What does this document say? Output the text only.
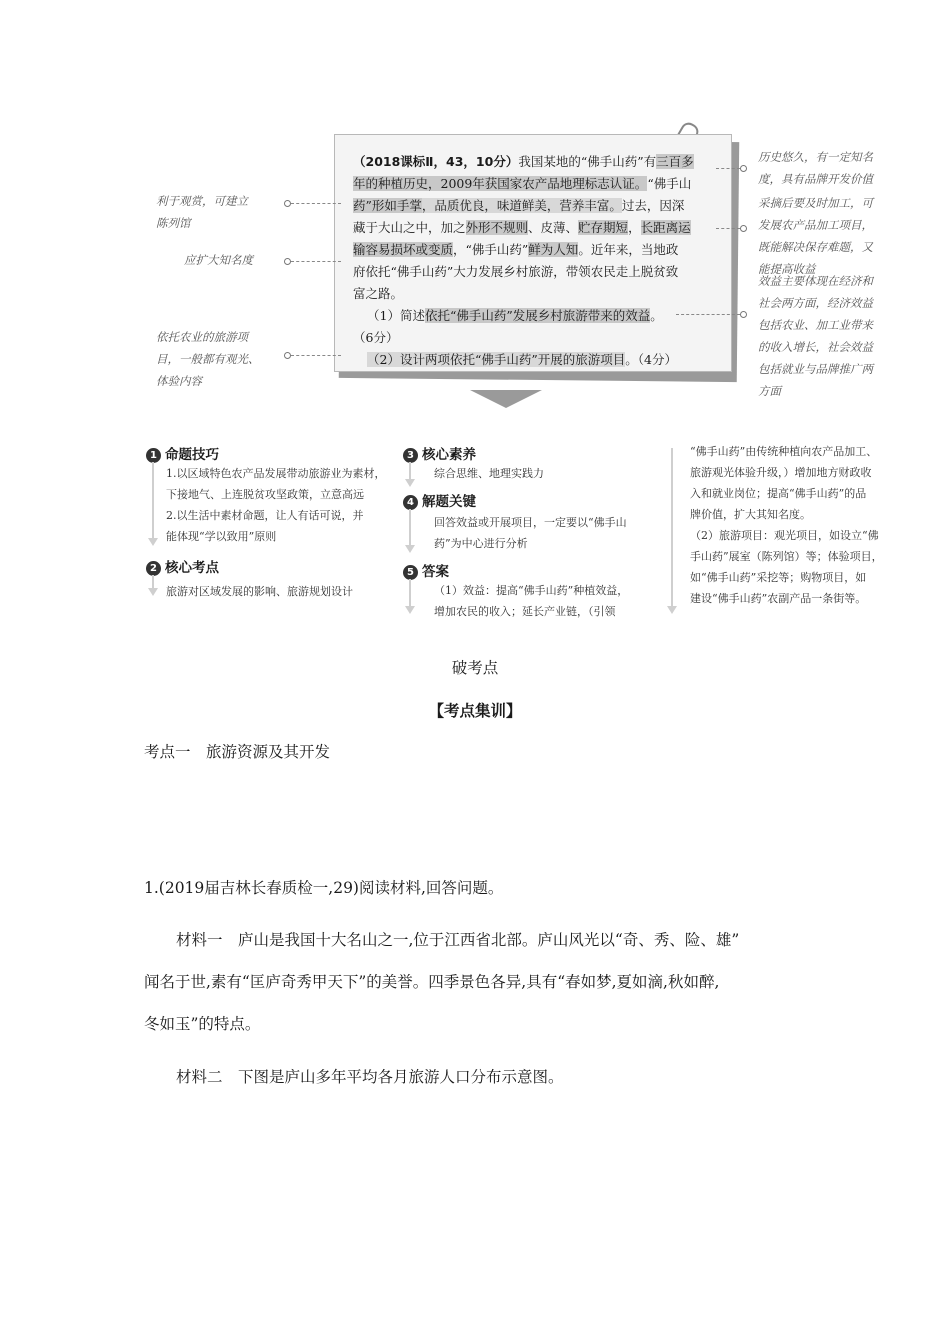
（2018课标Ⅱ，43，10分）我国某地的“佛手山药”有三百多
年的种植历史，2009年获国家农产品地理标志认证。“佛手山
药”形如手掌，品质优良，味道鲜美，营养丰富。过去，因深
藏于大山之中，加之外形不规则、皮薄、贮存期短，长距离运
输容易损坏或变质，“佛手山药”鲜为人知。近年来，当地政
府依托“佛手山药”大力发展乡村旅游，带领农民走上脱贫致
富之路。
（1）简述依托“佛手山药”发展乡村旅游带来的效益。
（6分）
（2）设计两项依托“佛手山药”开展的旅游项目。（4分）
利于观赏，可建立
陈列馆
应扩大知名度
依托农业的旅游项
目，一般都有观光、
体验内容
历史悠久，有一定知名
度，具有品牌开发价值
采摘后要及时加工，可
发展农产品加工项目，
既能解决保存难题，又
能提高收益
效益主要体现在经济和
社会两方面，经济效益
包括农业、加工业带来
的收入增长，社会效益
包括就业与品牌推广两
方面
1 命题技巧
1.以区域特色农产品发展带动旅游业为素材，
下接地气、上连脱贫攻坚政策，立意高远
2.以生活中素材命题，让人有话可说，并
能体现“学以致用”原则
2 核心考点
旅游对区域发展的影响、旅游规划设计
3 核心素养
综合思维、地理实践力
4 解题关键
回答效益或开展项目，一定要以“佛手山
药”为中心进行分析
5 答案
（1）效益：提高“佛手山药”种植效益，
增加农民的收入；延长产业链，（引领
“佛手山药”由传统种植向农产品加工、
旅游观光体验升级，）增加地方财政收
入和就业岗位；提高“佛手山药”的品
牌价值，扩大其知名度。
（2）旅游项目：观光项目，如设立“佛
手山药”展室（陈列馆）等；体验项目，
如“佛手山药”采挖等；购物项目，如
建设“佛手山药”农副产品一条街等。
破考点
【考点集训】
考点一　旅游资源及其开发
1.(2019届吉林长春质检一,29)阅读材料,回答问题。
材料一　庐山是我国十大名山之一,位于江西省北部。庐山风光以“奇、秀、险、雄”
闻名于世,素有“匡庐奇秀甲天下”的美誉。四季景色各异,具有“春如梦,夏如滴,秋如醉,
冬如玉”的特点。
材料二　下图是庐山多年平均各月旅游人口分布示意图。
